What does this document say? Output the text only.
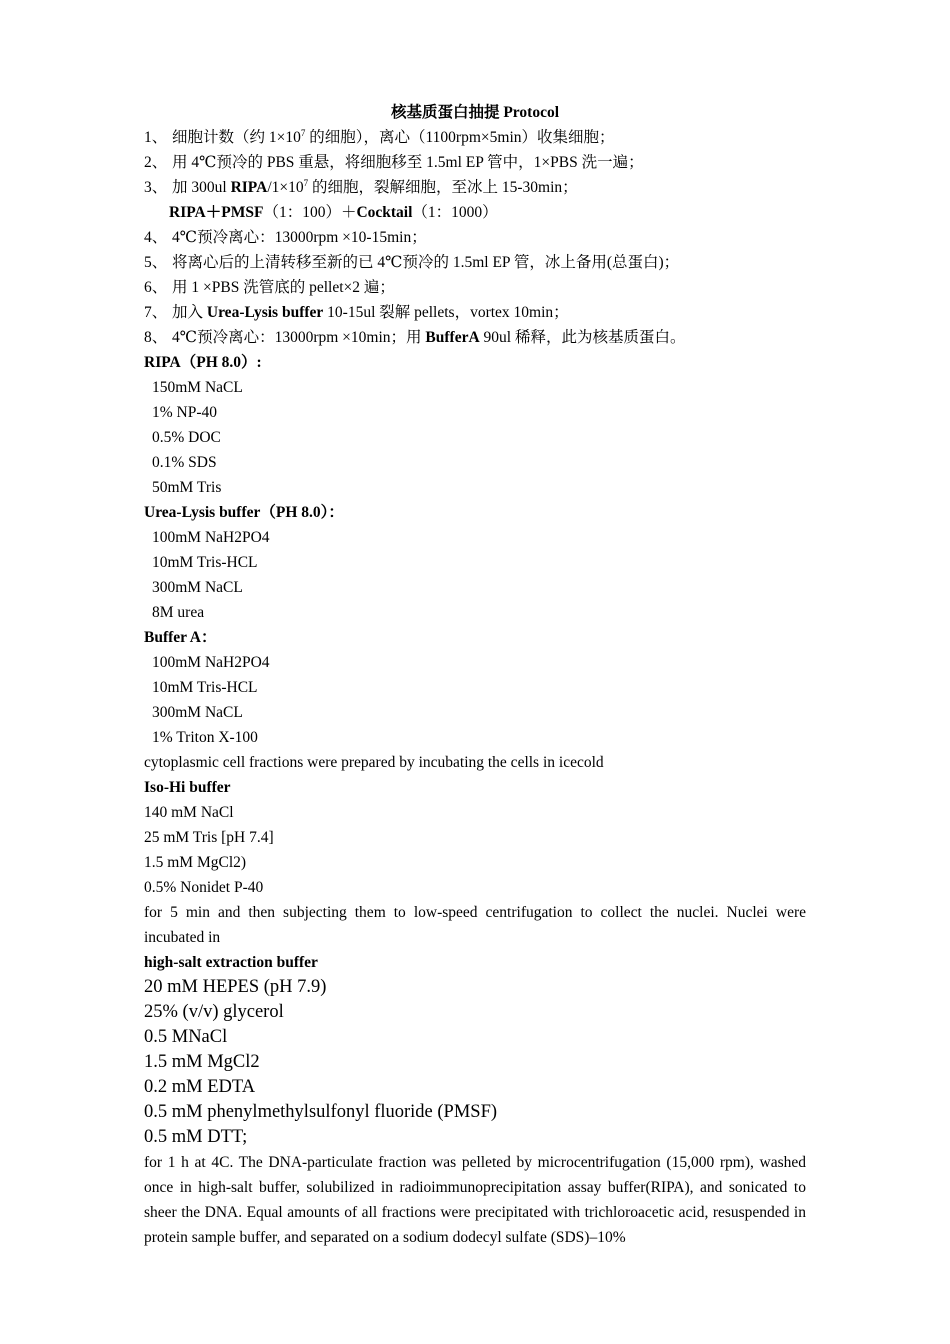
核基质蛋白抽提 Protocol
1、 细胞计数（约 $1\times 10^7$ 的细胞），离心（1100rpm×5min）收集细胞；
2、 用 4℃预冷的 PBS 重悬，将细胞移至 1.5ml EP 管中，1×PBS 洗一遍；
3、 加 300ul RIPA/$1\times 10^7$ 的细胞，裂解细胞，至冰上 15-30min；
RIPA＋PMSF（1：100）＋Cocktail（1：1000）
4、 4℃预冷离心：13000rpm ×10-15min；
5、 将离心后的上清转移至新的已 4℃预冷的 1.5ml EP 管，冰上备用(总蛋白)；
6、 用 1 ×PBS 洗管底的 pellet×2 遍；
7、 加入 Urea-Lysis buffer 10-15ul 裂解 pellets，vortex 10min；
8、 4℃预冷离心：13000rpm ×10min；用 BufferA 90ul 稀释，此为核基质蛋白。
RIPA（PH 8.0）:
150mM NaCL
1% NP-40
0.5% DOC
0.1% SDS
50mM Tris
Urea-Lysis buffer（PH 8.0）：
100mM NaH2PO4
10mM Tris-HCL
300mM NaCL
8M urea
Buffer A：
100mM NaH2PO4
10mM Tris-HCL
300mM NaCL
1% Triton X-100
cytoplasmic cell fractions were prepared by incubating the cells in icecold
Iso-Hi buffer
140 mM NaCl
25 mM Tris [pH 7.4]
1.5 mM MgCl2)
0.5% Nonidet P-40
for 5 min and then subjecting them to low-speed centrifugation to collect the nuclei. Nuclei were incubated in
high-salt extraction buffer
20 mM HEPES (pH 7.9)
25% (v/v) glycerol
0.5 MNaCl
1.5 mM MgCl2
0.2 mM EDTA
0.5 mM phenylmethylsulfonyl fluoride (PMSF)
0.5 mM DTT;
for 1 h at 4C. The DNA-particulate fraction was pelleted by microcentrifugation (15,000 rpm), washed once in high-salt buffer, solubilized in radioimmunoprecipitation assay buffer(RIPA), and sonicated to sheer the DNA. Equal amounts of all fractions were precipitated with trichloroacetic acid, resuspended in protein sample buffer, and separated on a sodium dodecyl sulfate (SDS)–10%
